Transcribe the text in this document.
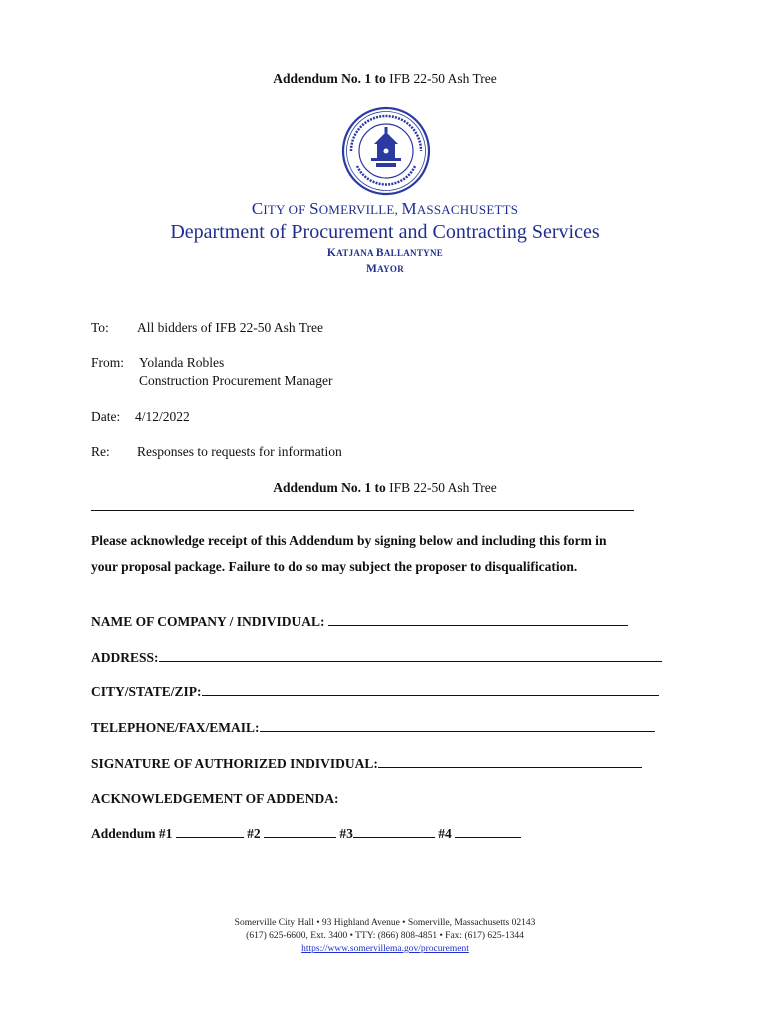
Addendum No. 1 to IFB 22-50 Ash Tree
CITY OF SOMERVILLE, MASSACHUSETTS
Department of Procurement and Contracting Services
KATJANA BALLANTYNE
MAYOR
To: All bidders of IFB 22-50 Ash Tree
From: Yolanda Robles
Construction Procurement Manager
Date: 4/12/2022
Re: Responses to requests for information
Addendum No. 1 to IFB 22-50 Ash Tree
Please acknowledge receipt of this Addendum by signing below and including this form in
your proposal package. Failure to do so may subject the proposer to disqualification.
NAME OF COMPANY / INDIVIDUAL:
ADDRESS:
CITY/STATE/ZIP:
TELEPHONE/FAX/EMAIL:
SIGNATURE OF AUTHORIZED INDIVIDUAL:
ACKNOWLEDGEMENT OF ADDENDA:
Addendum #1	#2	#3	#4
Somerville City Hall • 93 Highland Avenue • Somerville, Massachusetts 02143
(617) 625-6600, Ext. 3400 • TTY: (866) 808-4851 • Fax: (617) 625-1344
https://www.somervillema.gov/procurement
